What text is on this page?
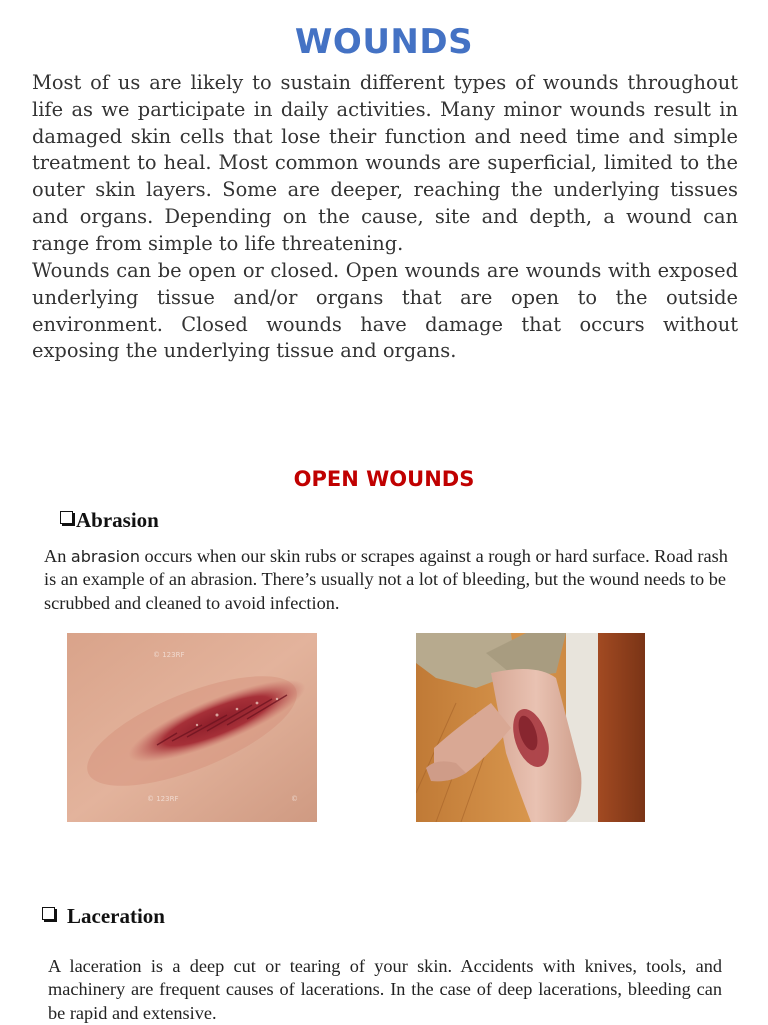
WOUNDS
Most of us are likely to sustain different types of wounds throughout life as we participate in daily activities. Many minor wounds result in damaged skin cells that lose their function and need time and simple treatment to heal. Most common wounds are superficial, limited to the outer skin layers. Some are deeper, reaching the underlying tissues and organs. Depending on the cause, site and depth, a wound can range from simple to life threatening.
Wounds can be open or closed. Open wounds are wounds with exposed underlying tissue and/or organs that are open to the outside environment. Closed wounds have damage that occurs without exposing the underlying tissue and organs.
OPEN WOUNDS
Abrasion
An abrasion occurs when our skin rubs or scrapes against a rough or hard surface. Road rash is an example of an abrasion. There’s usually not a lot of bleeding, but the wound needs to be scrubbed and cleaned to avoid infection.
© 123RF
© 123RF	©
Laceration
A laceration is a deep cut or tearing of your skin. Accidents with knives, tools, and machinery are frequent causes of lacerations. In the case of deep lacerations, bleeding can be rapid and extensive.
